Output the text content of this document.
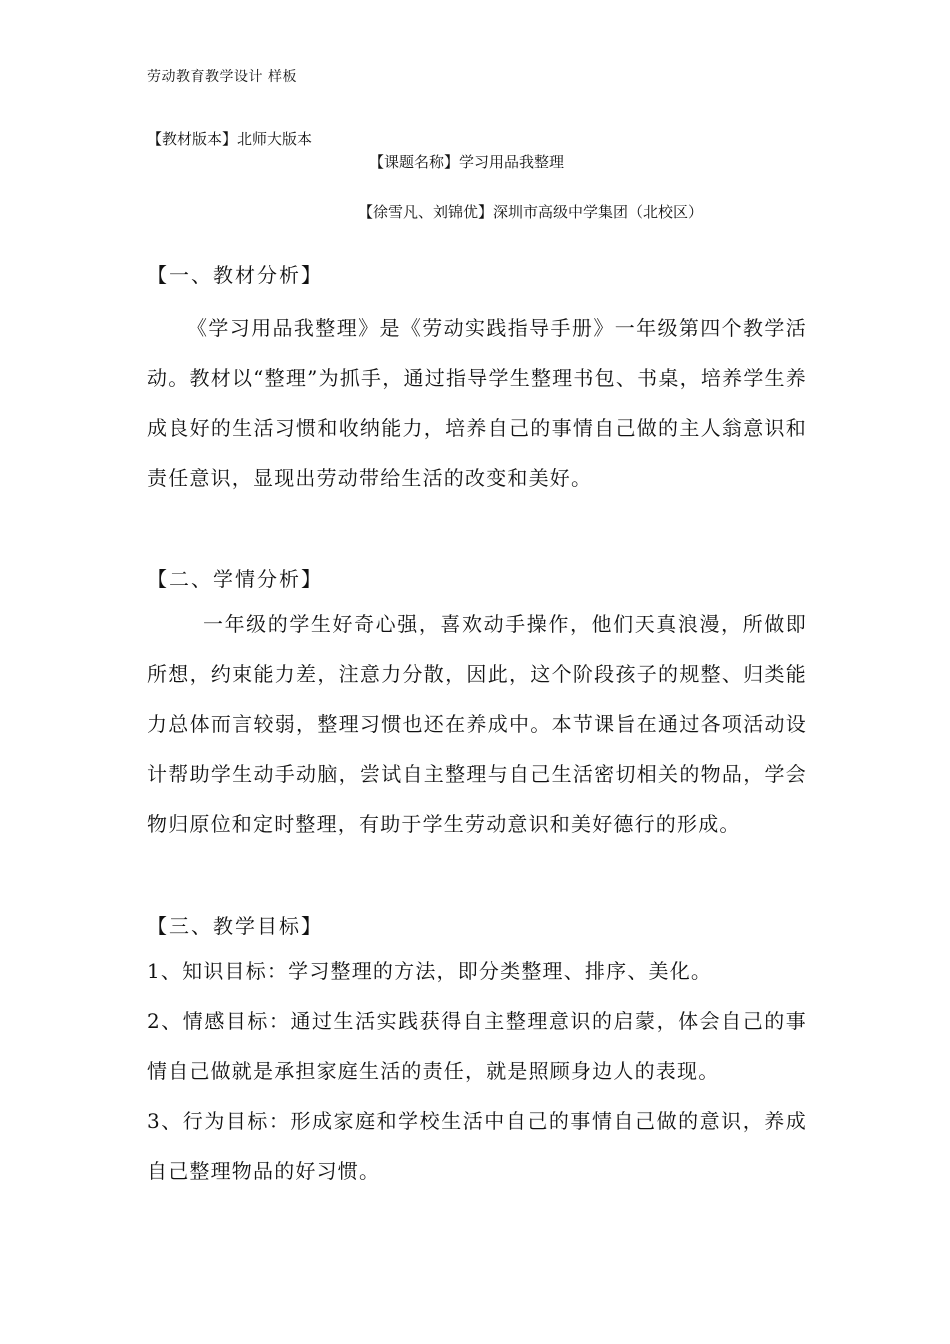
劳动教育教学设计 样板
【教材版本】北师大版本
【课题名称】学习用品我整理
【徐雪凡、刘锦优】深圳市高级中学集团（北校区）
【一、教材分析】

《学习用品我整理》是《劳动实践指导手册》一年级第四个教学活动。教材以“整理”为抓手，通过指导学生整理书包、书桌，培养学生养成良好的生活习惯和收纳能力，培养自己的事情自己做的主人翁意识和责任意识，显现出劳动带给生活的改变和美好。

【二、学情分析】

一年级的学生好奇心强，喜欢动手操作，他们天真浪漫，所做即所想，约束能力差，注意力分散，因此，这个阶段孩子的规整、归类能力总体而言较弱，整理习惯也还在养成中。本节课旨在通过各项活动设计帮助学生动手动脑，尝试自主整理与自己生活密切相关的物品，学会物归原位和定时整理，有助于学生劳动意识和美好德行的形成。

【三、教学目标】

1、知识目标：学习整理的方法，即分类整理、排序、美化。

2、情感目标：通过生活实践获得自主整理意识的启蒙，体会自己的事情自己做就是承担家庭生活的责任，就是照顾身边人的表现。

3、行为目标：形成家庭和学校生活中自己的事情自己做的意识，养成自己整理物品的好习惯。
